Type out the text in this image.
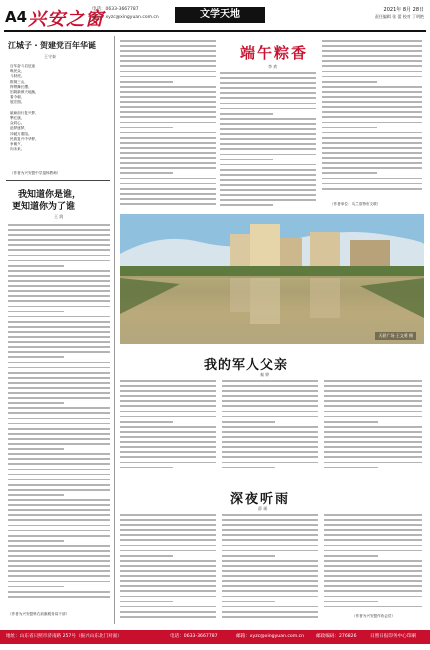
A4 兴安之窗
电话：0633-3667787
邮箱：xyzc@xingyuan.com.cn	文学天地	2021年 8月 28日
责任编辑 张 蕾 校对 丁明艳
江城子・贺建党百年华诞
王守泰
百年奋斗启征途
唤民众，
斗豺虎。
推倒三山，
挥臂舞长缨。
旧貌新颜天地换，
看今朝，
展宏图。

砥砺前行复兴梦，
擎红旗，
众同心。
追梦逐梦，
冲破万重阻。
民族复兴中华梦，
争朝夕，
向未来。
（作者为兴安盟中学退休教师）
我知道你是谁，
更知道你为了谁
王 润
（作者为兴安盟科右前旗税务局干部）
端午粽香
李 欢
（作者单位：乌兰浩特市文联）
天骄广场 王文勇 摄
我的军人父亲
秦 婷
深夜听雨
薛 瑛
（作者为兴安盟作协会员）
地址：山东省日照市济南路 257号（振兴山东北门对面）	电话：0633-3667787	邮箱：xyzc@xingyuan.com.cn	邮政编码：276826	日照日报印务中心印刷
